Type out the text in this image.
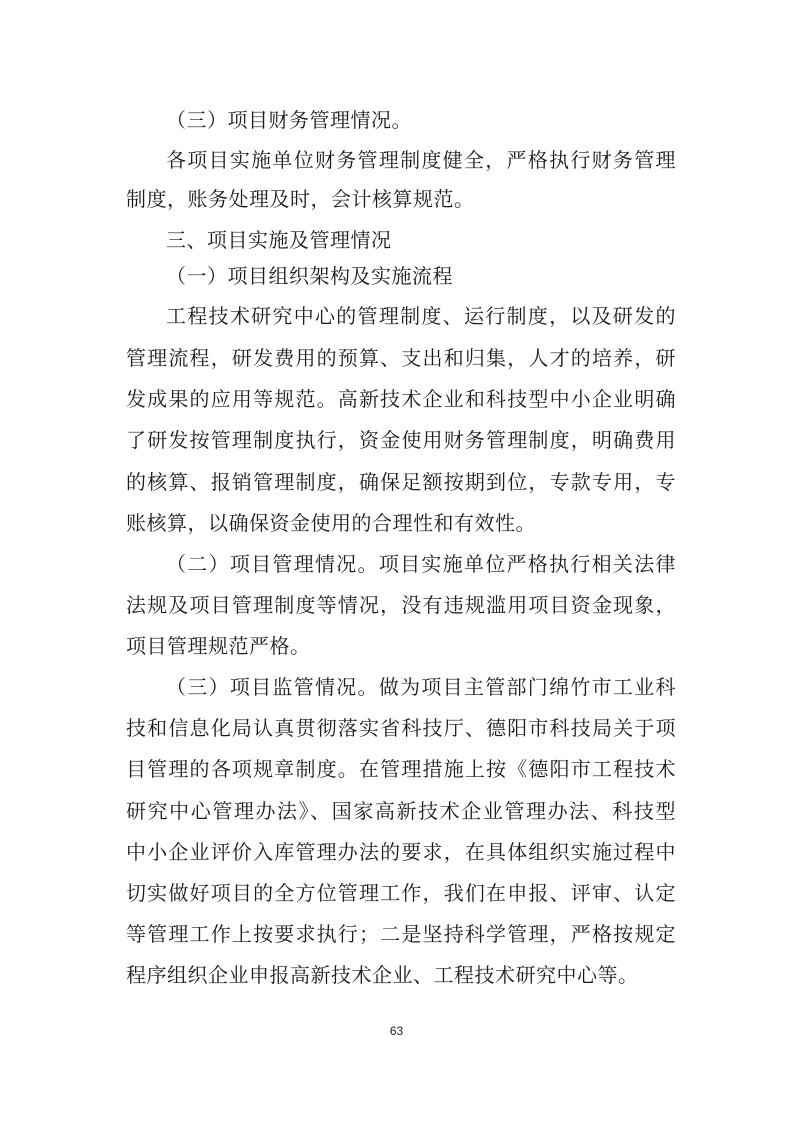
（三）项目财务管理情况。
各项目实施单位财务管理制度健全，严格执行财务管理
制度，账务处理及时，会计核算规范。
三、项目实施及管理情况
（一）项目组织架构及实施流程
工程技术研究中心的管理制度、运行制度，以及研发的
管理流程，研发费用的预算、支出和归集，人才的培养，研
发成果的应用等规范。高新技术企业和科技型中小企业明确
了研发按管理制度执行，资金使用财务管理制度，明确费用
的核算、报销管理制度，确保足额按期到位，专款专用，专
账核算，以确保资金使用的合理性和有效性。
（二）项目管理情况。项目实施单位严格执行相关法律
法规及项目管理制度等情况，没有违规滥用项目资金现象，
项目管理规范严格。
（三）项目监管情况。做为项目主管部门绵竹市工业科
技和信息化局认真贯彻落实省科技厅、德阳市科技局关于项
目管理的各项规章制度。在管理措施上按《德阳市工程技术
研究中心管理办法》、国家高新技术企业管理办法、科技型
中小企业评价入库管理办法的要求，在具体组织实施过程中
切实做好项目的全方位管理工作，我们在申报、评审、认定
等管理工作上按要求执行；二是坚持科学管理，严格按规定
程序组织企业申报高新技术企业、工程技术研究中心等。
63
